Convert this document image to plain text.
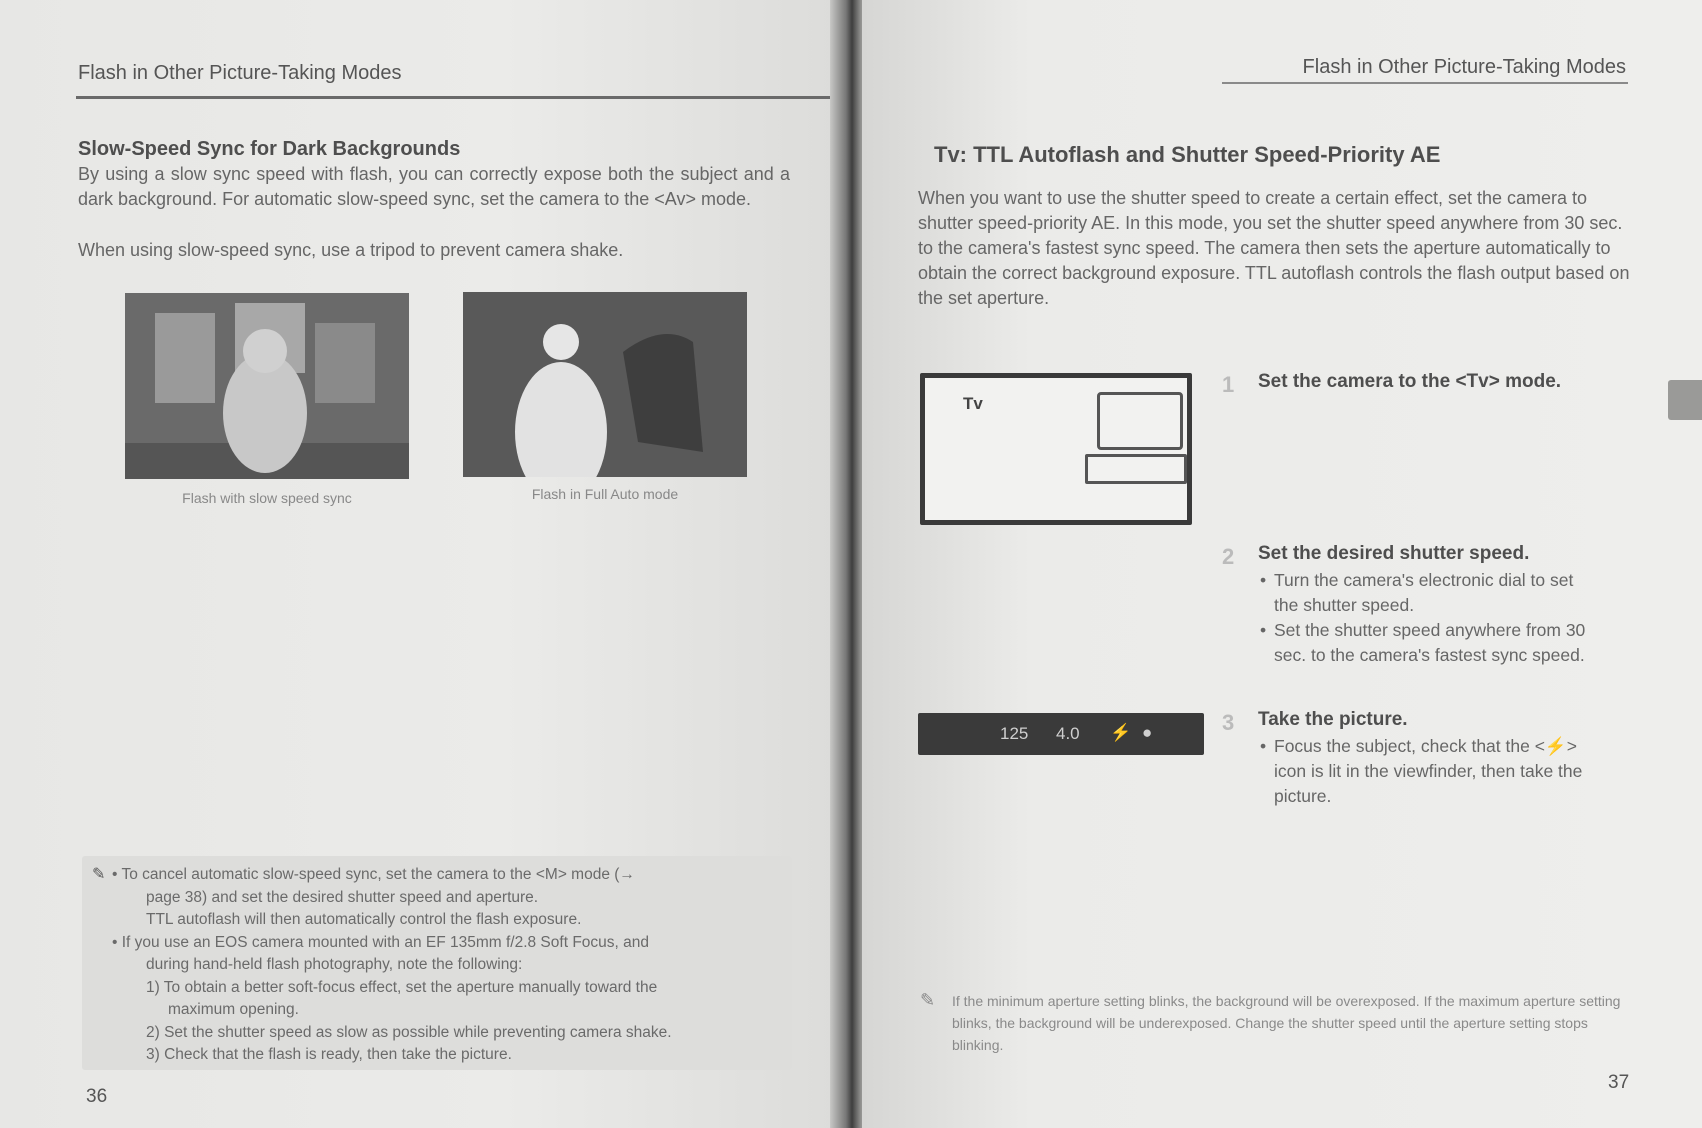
Flash in Other Picture-Taking Modes
Slow-Speed Sync for Dark Backgrounds

By using a slow sync speed with flash, you can correctly expose both the subject and a dark background. For automatic slow-speed sync, set the camera to the <Av> mode.

When using slow-speed sync, use a tripod to prevent camera shake.

Flash with slow speed sync	Flash in Full Auto mode
✎ • To cancel automatic slow-speed sync, set the camera to the <M> mode (→

page 38) and set the desired shutter speed and aperture.

TTL autoflash will then automatically control the flash exposure.

• If you use an EOS camera mounted with an EF 135mm f/2.8 Soft Focus, and

during hand-held flash photography, note the following:

1) To obtain a better soft-focus effect, set the aperture manually toward the

maximum opening.

2) Set the shutter speed as slow as possible while preventing camera shake.

3) Check that the flash is ready, then take the picture.

36
Flash in Other Picture-Taking Modes
Tv: TTL Autoflash and Shutter Speed-Priority AE

When you want to use the shutter speed to create a certain effect, set the camera to shutter speed-priority AE. In this mode, you set the shutter speed anywhere from 30 sec. to the camera's fastest sync speed. The camera then sets the aperture automatically to obtain the correct background exposure. TTL autoflash controls the flash output based on the set aperture.

Tv
125 4.0 ⚡ ●
1 Set the camera to the <Tv> mode.
2 Set the desired shutter speed.
• Turn the camera's electronic dial to set the shutter speed.
• Set the shutter speed anywhere from 30 sec. to the camera's fastest sync speed.
3 Take the picture.
• Focus the subject, check that the <⚡> icon is lit in the viewfinder, then take the picture.
✎ If the minimum aperture setting blinks, the background will be overexposed. If the maximum aperture setting blinks, the background will be underexposed. Change the shutter speed until the aperture setting stops blinking.

37
